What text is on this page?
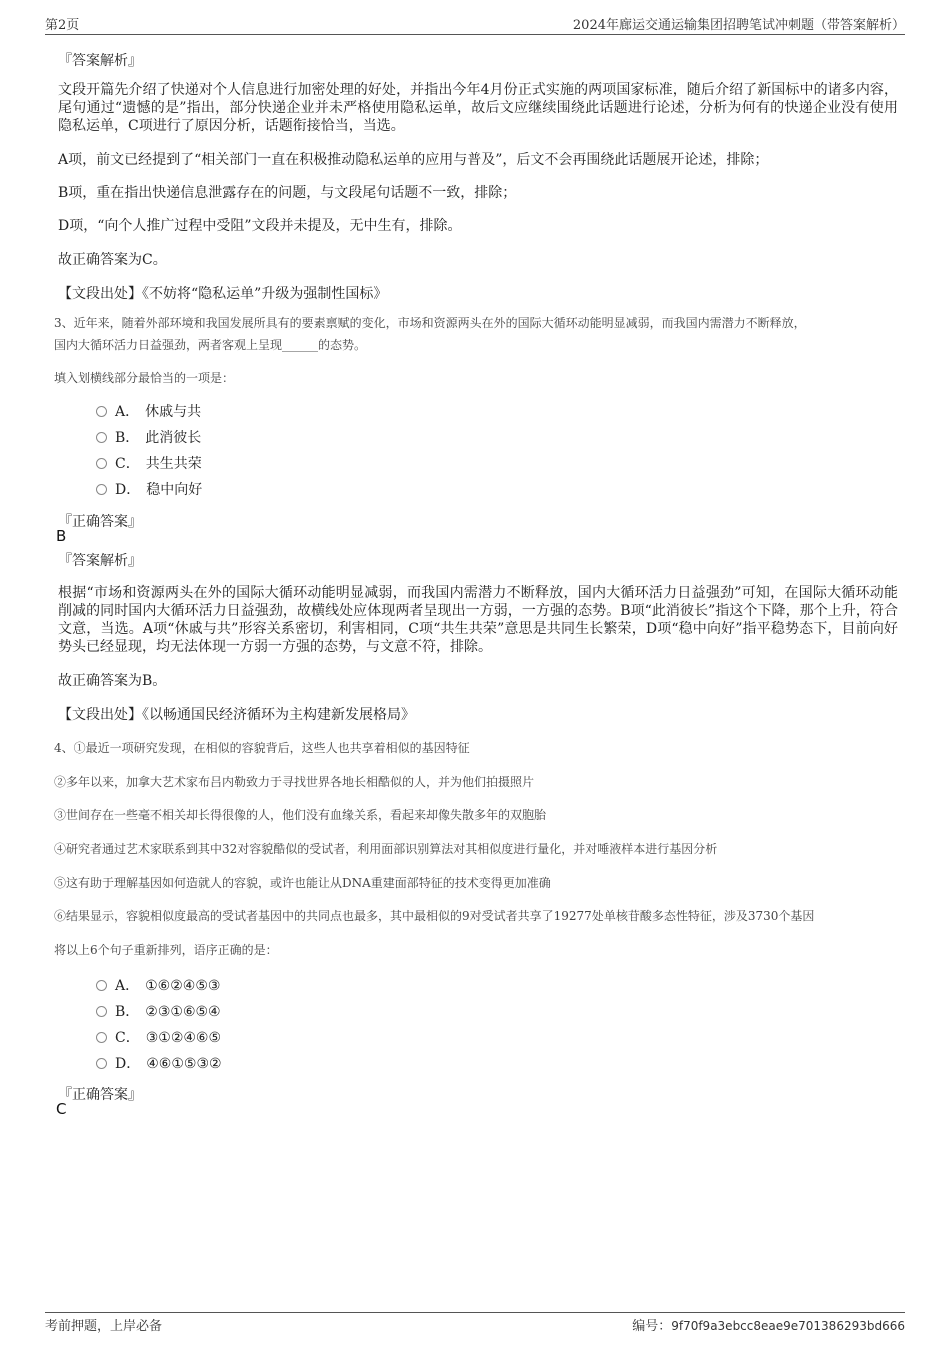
第2页	2024年廊运交通运输集团招聘笔试冲刺题（带答案解析）
『答案解析』
文段开篇先介绍了快递对个人信息进行加密处理的好处，并指出今年4月份正式实施的两项国家标准，随后介绍了新国标中的诸多内容，尾句通过“遗憾的是”指出，部分快递企业并未严格使用隐私运单，故后文应继续围绕此话题进行论述，分析为何有的快递企业没有使用隐私运单，C项进行了原因分析，话题衔接恰当，当选。
A项，前文已经提到了“相关部门一直在积极推动隐私运单的应用与普及”，后文不会再围绕此话题展开论述，排除；
B项，重在指出快递信息泄露存在的问题，与文段尾句话题不一致，排除；
D项，“向个人推广过程中受阻”文段并未提及，无中生有，排除。
故正确答案为C。
【文段出处】《不妨将“隐私运单”升级为强制性国标》
3、近年来，随着外部环境和我国发展所具有的要素禀赋的变化，市场和资源两头在外的国际大循环动能明显减弱，而我国内需潜力不断释放，
国内大循环活力日益强劲，两者客观上呈现______的态势。
填入划横线部分最恰当的一项是：
A． 休戚与共
B． 此消彼长
C． 共生共荣
D． 稳中向好
『正确答案』
B
『答案解析』
根据“市场和资源两头在外的国际大循环动能明显减弱，而我国内需潜力不断释放，国内大循环活力日益强劲”可知，在国际大循环动能削减的同时国内大循环活力日益强劲，故横线处应体现两者呈现出一方弱，一方强的态势。B项“此消彼长”指这个下降，那个上升，符合文意，当选。A项“休戚与共”形容关系密切，利害相同，C项“共生共荣”意思是共同生长繁荣，D项“稳中向好”指平稳势态下，目前向好势头已经显现，均无法体现一方弱一方强的态势，与文意不符，排除。
故正确答案为B。
【文段出处】《以畅通国民经济循环为主构建新发展格局》
4、①最近一项研究发现，在相似的容貌背后，这些人也共享着相似的基因特征
②多年以来，加拿大艺术家布吕内勒致力于寻找世界各地长相酷似的人，并为他们拍摄照片
③世间存在一些毫不相关却长得很像的人，他们没有血缘关系，看起来却像失散多年的双胞胎
④研究者通过艺术家联系到其中32对容貌酷似的受试者，利用面部识别算法对其相似度进行量化，并对唾液样本进行基因分析
⑤这有助于理解基因如何造就人的容貌，或许也能让从DNA重建面部特征的技术变得更加准确
⑥结果显示，容貌相似度最高的受试者基因中的共同点也最多，其中最相似的9对受试者共享了19277处单核苷酸多态性特征，涉及3730个基因
将以上6个句子重新排列，语序正确的是：
A． ①⑥②④⑤③
B． ②③①⑥⑤④
C． ③①②④⑥⑤
D． ④⑥①⑤③②
『正确答案』
C
考前押题，上岸必备	编号：9f70f9a3ebcc8eae9e701386293bd666
